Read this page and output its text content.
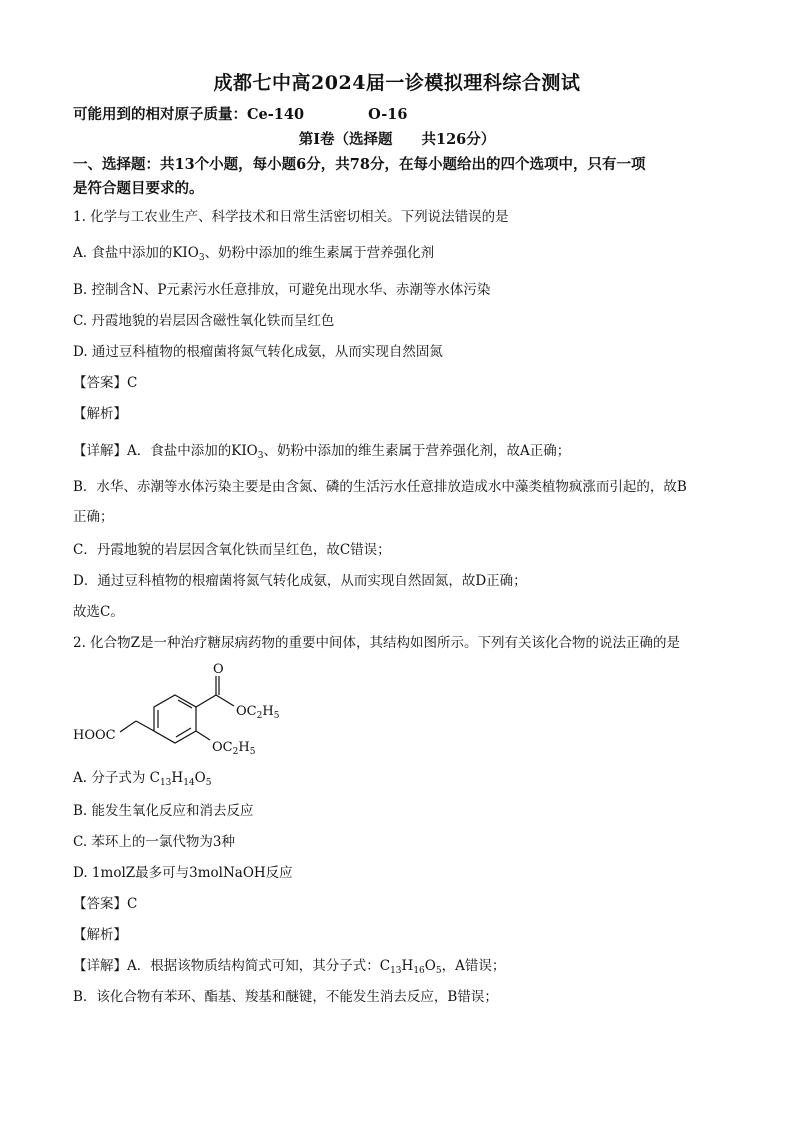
成都七中高2024届一诊模拟理科综合测试
可能用到的相对原子质量：Ce-140	O-16
第Ⅰ卷（选择题　　共126分）
一、选择题：共13个小题，每小题6分，共78分，在每小题给出的四个选项中，只有一项
是符合题目要求的。
1. 化学与工农业生产、科学技术和日常生活密切相关。下列说法错误的是
A. 食盐中添加的$KIO_3$、奶粉中添加的维生素属于营养强化剂
B. 控制含N、P元素污水任意排放，可避免出现水华、赤潮等水体污染
C. 丹霞地貌的岩层因含磁性氧化铁而呈红色
D. 通过豆科植物的根瘤菌将氮气转化成氨，从而实现自然固氮
【答案】C
【解析】
【详解】A．食盐中添加的$KIO_3$、奶粉中添加的维生素属于营养强化剂，故A正确；
B．水华、赤潮等水体污染主要是由含氮、磷的生活污水任意排放造成水中藻类植物疯涨而引起的，故B
正确；
C．丹霞地貌的岩层因含氧化铁而呈红色，故C错误；
D．通过豆科植物的根瘤菌将氮气转化成氨，从而实现自然固氮，故D正确；
故选C。
2. 化合物Z是一种治疗糖尿病药物的重要中间体，其结构如图所示。下列有关该化合物的说法正确的是
O
$OC_2H_5$
$OC_2H_5$
HOOC
A. 分子式为 $C_{13}H_{14}O_5$
B. 能发生氧化反应和消去反应
C. 苯环上的一氯代物为3种
D. 1molZ最多可与3molNaOH反应
【答案】C
【解析】
【详解】A．根据该物质结构简式可知，其分子式：$C_{13}H_{16}O_5$，A错误；
B．该化合物有苯环、酯基、羧基和醚键，不能发生消去反应，B错误；
